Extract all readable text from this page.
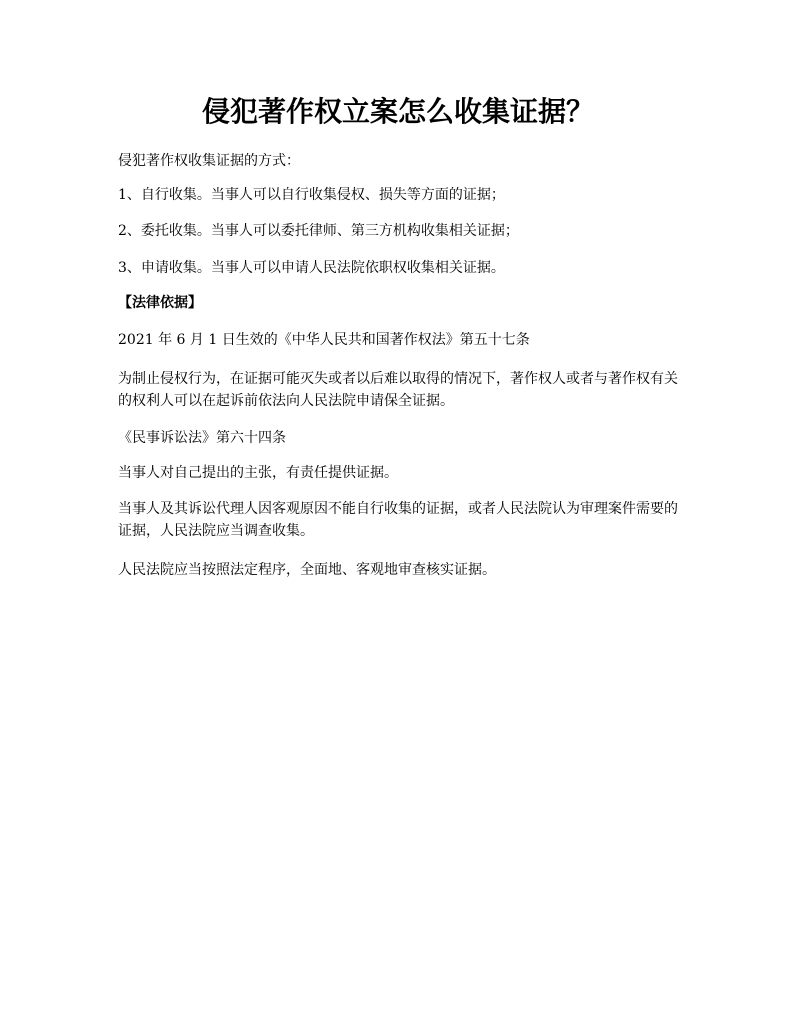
侵犯著作权立案怎么收集证据？

侵犯著作权收集证据的方式：

1、自行收集。当事人可以自行收集侵权、损失等方面的证据；

2、委托收集。当事人可以委托律师、第三方机构收集相关证据；

3、申请收集。当事人可以申请人民法院依职权收集相关证据。

【法律依据】

2021 年 6 月 1 日生效的《中华人民共和国著作权法》第五十七条

为制止侵权行为，在证据可能灭失或者以后难以取得的情况下，著作权人或者与著作权有关的权利人可以在起诉前依法向人民法院申请保全证据。

《民事诉讼法》第六十四条

当事人对自己提出的主张，有责任提供证据。

当事人及其诉讼代理人因客观原因不能自行收集的证据，或者人民法院认为审理案件需要的证据，人民法院应当调查收集。

人民法院应当按照法定程序，全面地、客观地审查核实证据。
